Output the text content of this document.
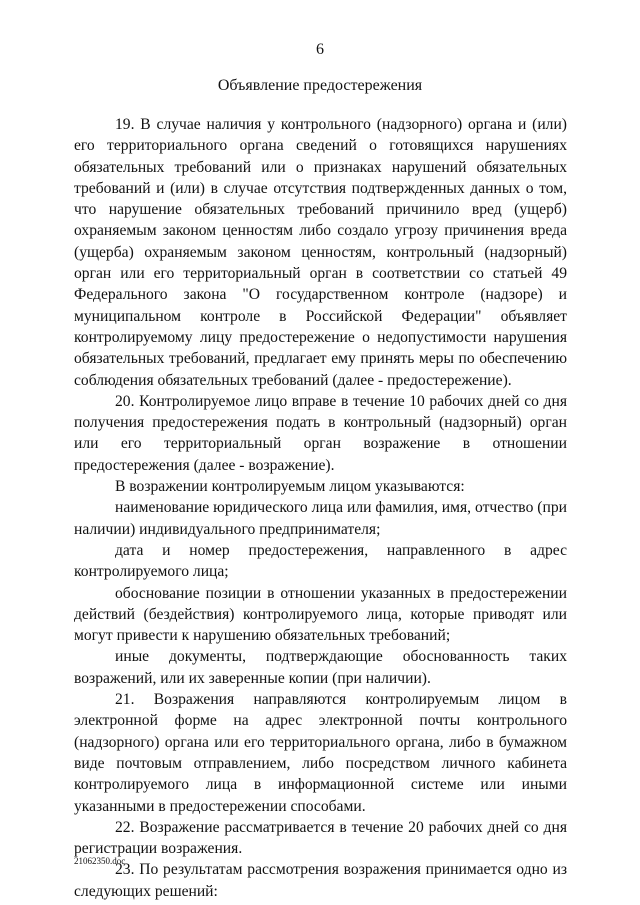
6
Объявление предостережения

19. В случае наличия у контрольного (надзорного) органа и (или) его территориального органа сведений о готовящихся нарушениях обязательных требований или о признаках нарушений обязательных требований и (или) в случае отсутствия подтвержденных данных о том, что нарушение обязательных требований причинило вред (ущерб) охраняемым законом ценностям либо создало угрозу причинения вреда (ущерба) охраняемым законом ценностям, контрольный (надзорный) орган или его территориальный орган в соответствии со статьей 49 Федерального закона "О государственном контроле (надзоре) и муниципальном контроле в Российской Федерации" объявляет контролируемому лицу предостережение о недопустимости нарушения обязательных требований, предлагает ему принять меры по обеспечению соблюдения обязательных требований (далее - предостережение).

20. Контролируемое лицо вправе в течение 10 рабочих дней со дня получения предостережения подать в контрольный (надзорный) орган или его территориальный орган возражение в отношении предостережения (далее - возражение).

В возражении контролируемым лицом указываются:

наименование юридического лица или фамилия, имя, отчество (при наличии) индивидуального предпринимателя;

дата и номер предостережения, направленного в адрес контролируемого лица;

обоснование позиции в отношении указанных в предостережении действий (бездействия) контролируемого лица, которые приводят или могут привести к нарушению обязательных требований;

иные документы, подтверждающие обоснованность таких возражений, или их заверенные копии (при наличии).

21. Возражения направляются контролируемым лицом в электронной форме на адрес электронной почты контрольного (надзорного) органа или его территориального органа, либо в бумажном виде почтовым отправлением, либо посредством личного кабинета контролируемого лица в информационной системе или иными указанными в предостережении способами.

22. Возражение рассматривается в течение 20 рабочих дней со дня регистрации возражения.

23. По результатам рассмотрения возражения принимается одно из следующих решений:

21062350.doc
